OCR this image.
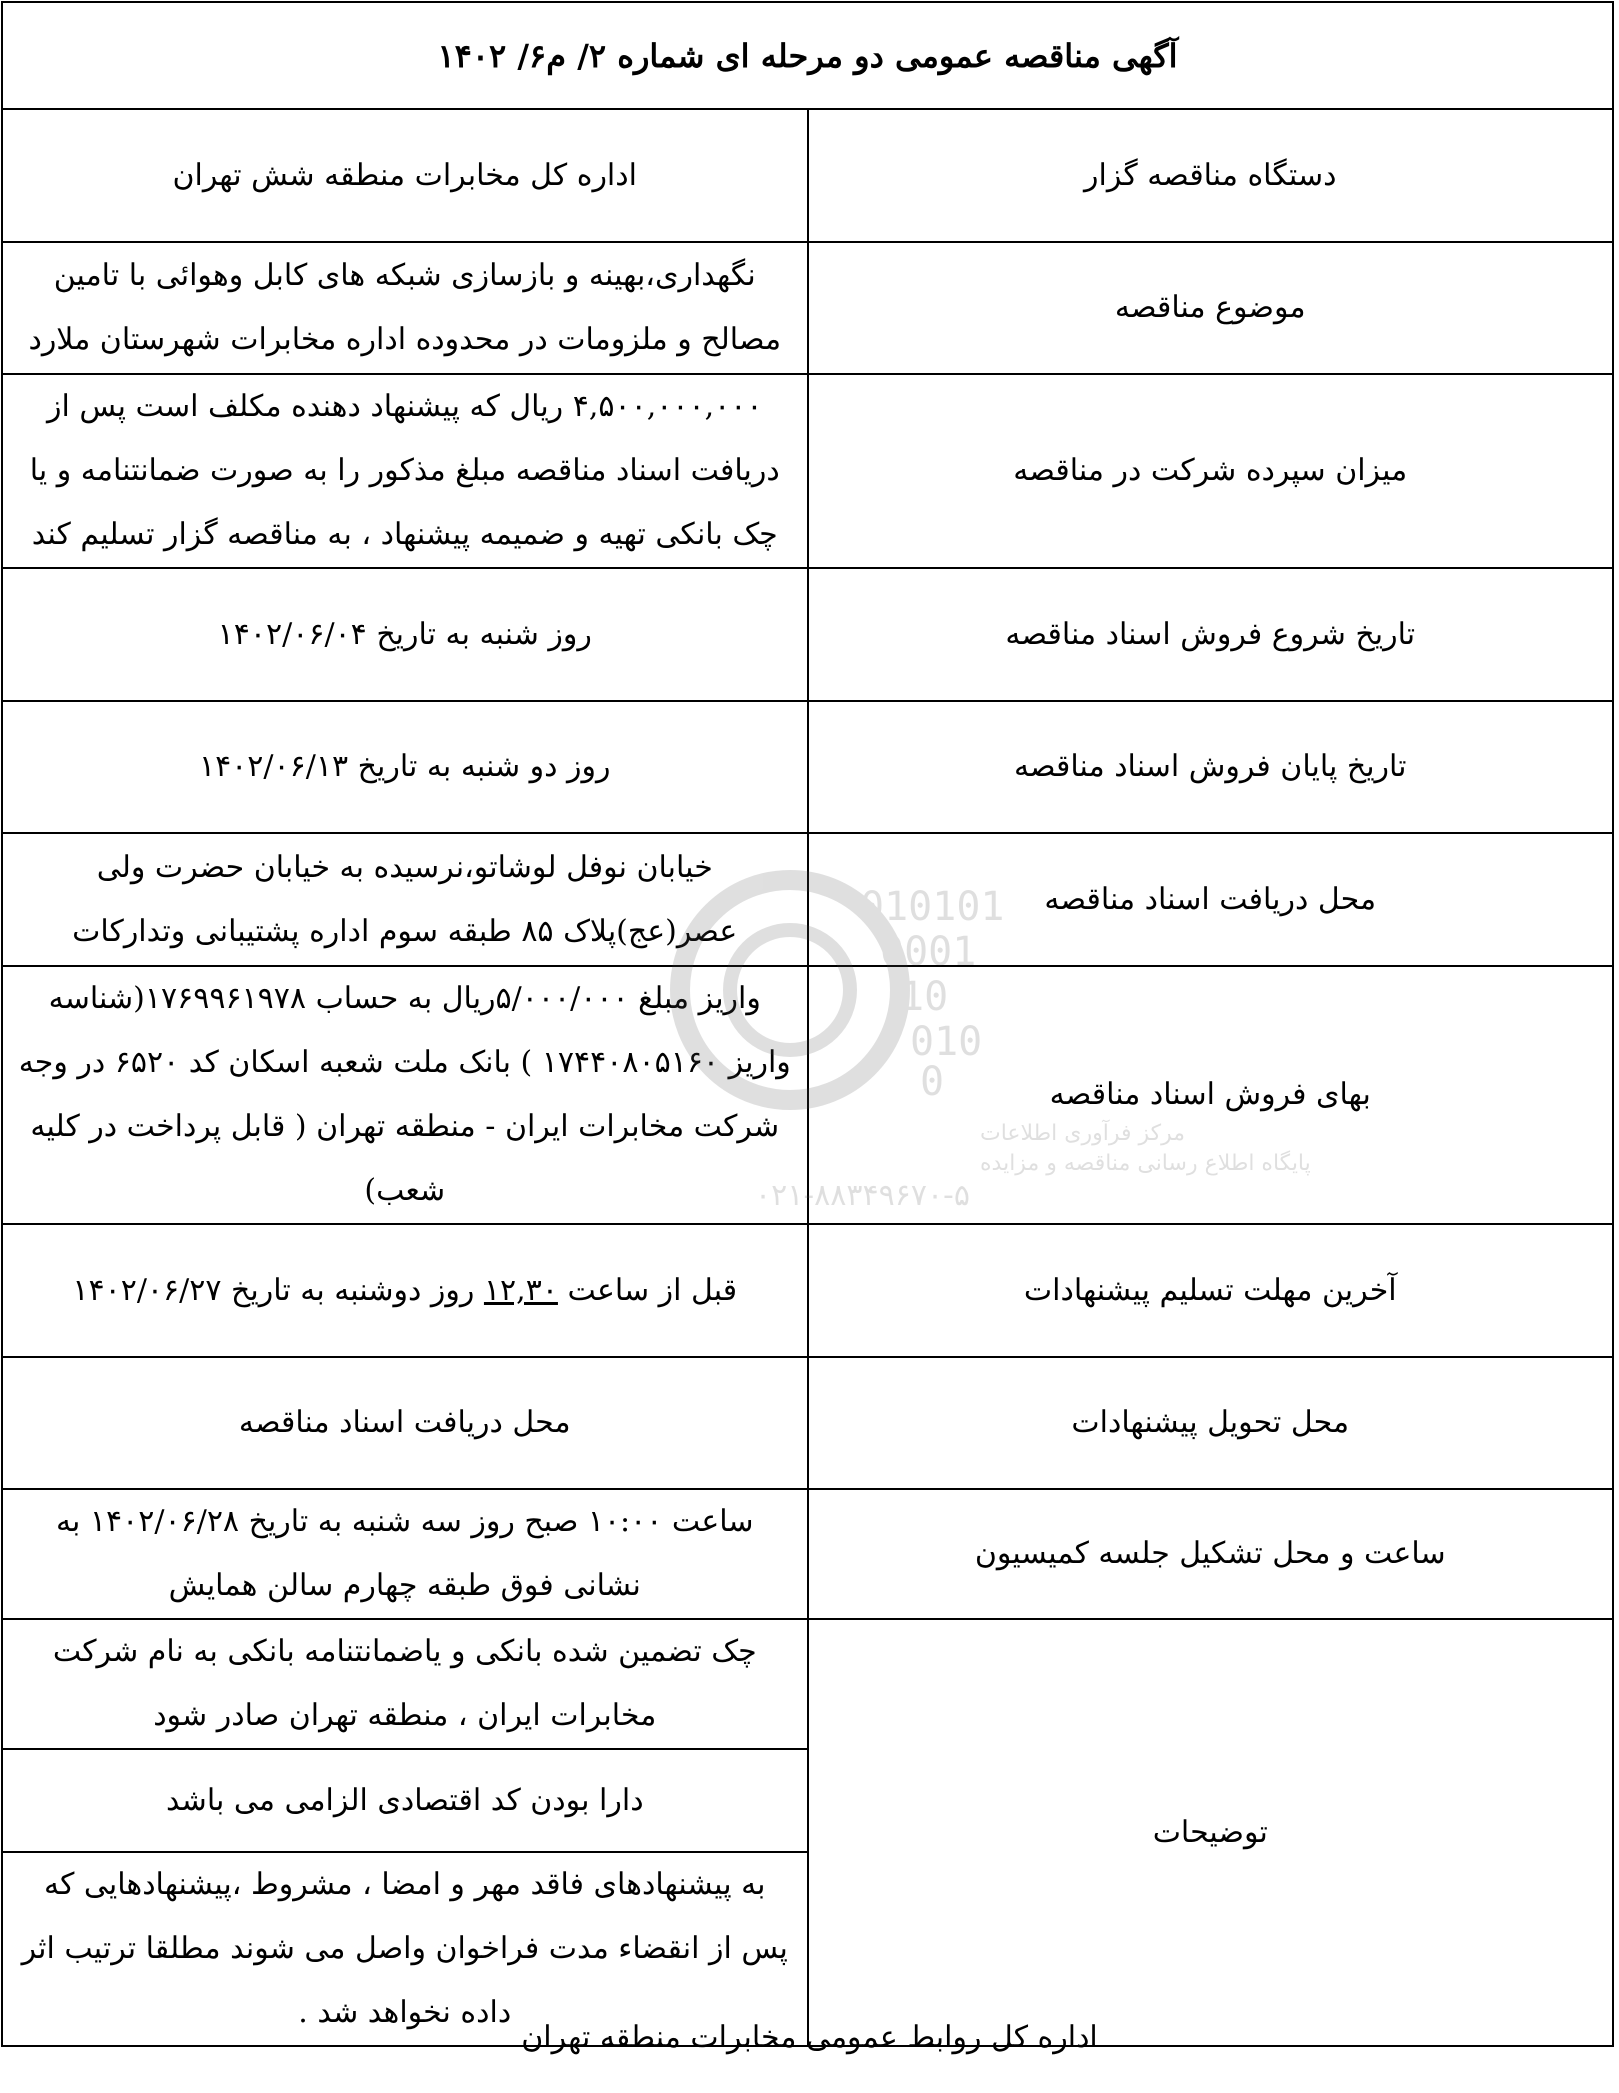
آگهی مناقصه عمومی دو مرحله ای شماره ۲/ م۶/ ۱۴۰۲	
دستگاه مناقصه گزار	اداره کل مخابرات منطقه شش تهران
موضوع مناقصه	نگهداری،بهینه و بازسازی شبکه های کابل وهوائی با تامین مصالح و ملزومات در محدوده اداره مخابرات شهرستان ملارد
میزان سپرده شرکت در مناقصه	۴,۵۰۰,۰۰۰,۰۰۰ ریال که پیشنهاد دهنده مکلف است پس از دریافت اسناد مناقصه مبلغ مذکور را به صورت ضمانتنامه و یا چک بانکی تهیه و ضمیمه پیشنهاد ، به مناقصه گزار تسلیم کند
تاریخ شروع فروش اسناد مناقصه	روز شنبه به تاریخ ۱۴۰۲/۰۶/۰۴
تاریخ پایان فروش اسناد مناقصه	روز دو شنبه به تاریخ ۱۴۰۲/۰۶/۱۳
محل دریافت اسناد مناقصه	خیابان نوفل لوشاتو،نرسیده به خیابان حضرت ولی عصر(عج)پلاک ۸۵ طبقه سوم اداره پشتیبانی وتدارکات
بهای فروش اسناد مناقصه	واریز مبلغ ۵/۰۰۰/۰۰۰ریال به حساب ۱۷۶۹۹۶۱۹۷۸(شناسه واریز ۱۷۴۴۰۸۰۵۱۶۰ ) بانک ملت شعبه اسکان کد ۶۵۲۰ در وجه شرکت مخابرات ایران - منطقه تهران ( قابل پرداخت در کلیه شعب)
آخرین مهلت تسلیم پیشنهادات	قبل از ساعت ۱۲,۳۰ روز دوشنبه به تاریخ ۱۴۰۲/۰۶/۲۷
محل تحویل پیشنهادات	محل دریافت اسناد مناقصه
ساعت و محل تشکیل جلسه کمیسیون	ساعت ۱۰:۰۰ صبح روز سه شنبه به تاریخ ۱۴۰۲/۰۶/۲۸ به نشانی فوق طبقه چهارم سالن همایش
توضیحات	چک تضمین شده بانکی و یاضمانتنامه بانکی به نام شرکت مخابرات ایران ، منطقه تهران صادر شود
	دارا بودن کد اقتصادی الزامی می باشد
	به پیشنهادهای فاقد مهر و امضا ، مشروط ،پیشنهادهایی که پس از انقضاء مدت فراخوان واصل می شوند مطلقا ترتیب اثر داده نخواهد شد .
010101
0001
10
010
0
مرکز فرآوری اطلاعات
پایگاه اطلاع رسانی مناقصه و مزایده
۰۲۱-۸۸۳۴۹۶۷۰-۵
اداره کل روابط عمومی مخابرات منطقه تهران
